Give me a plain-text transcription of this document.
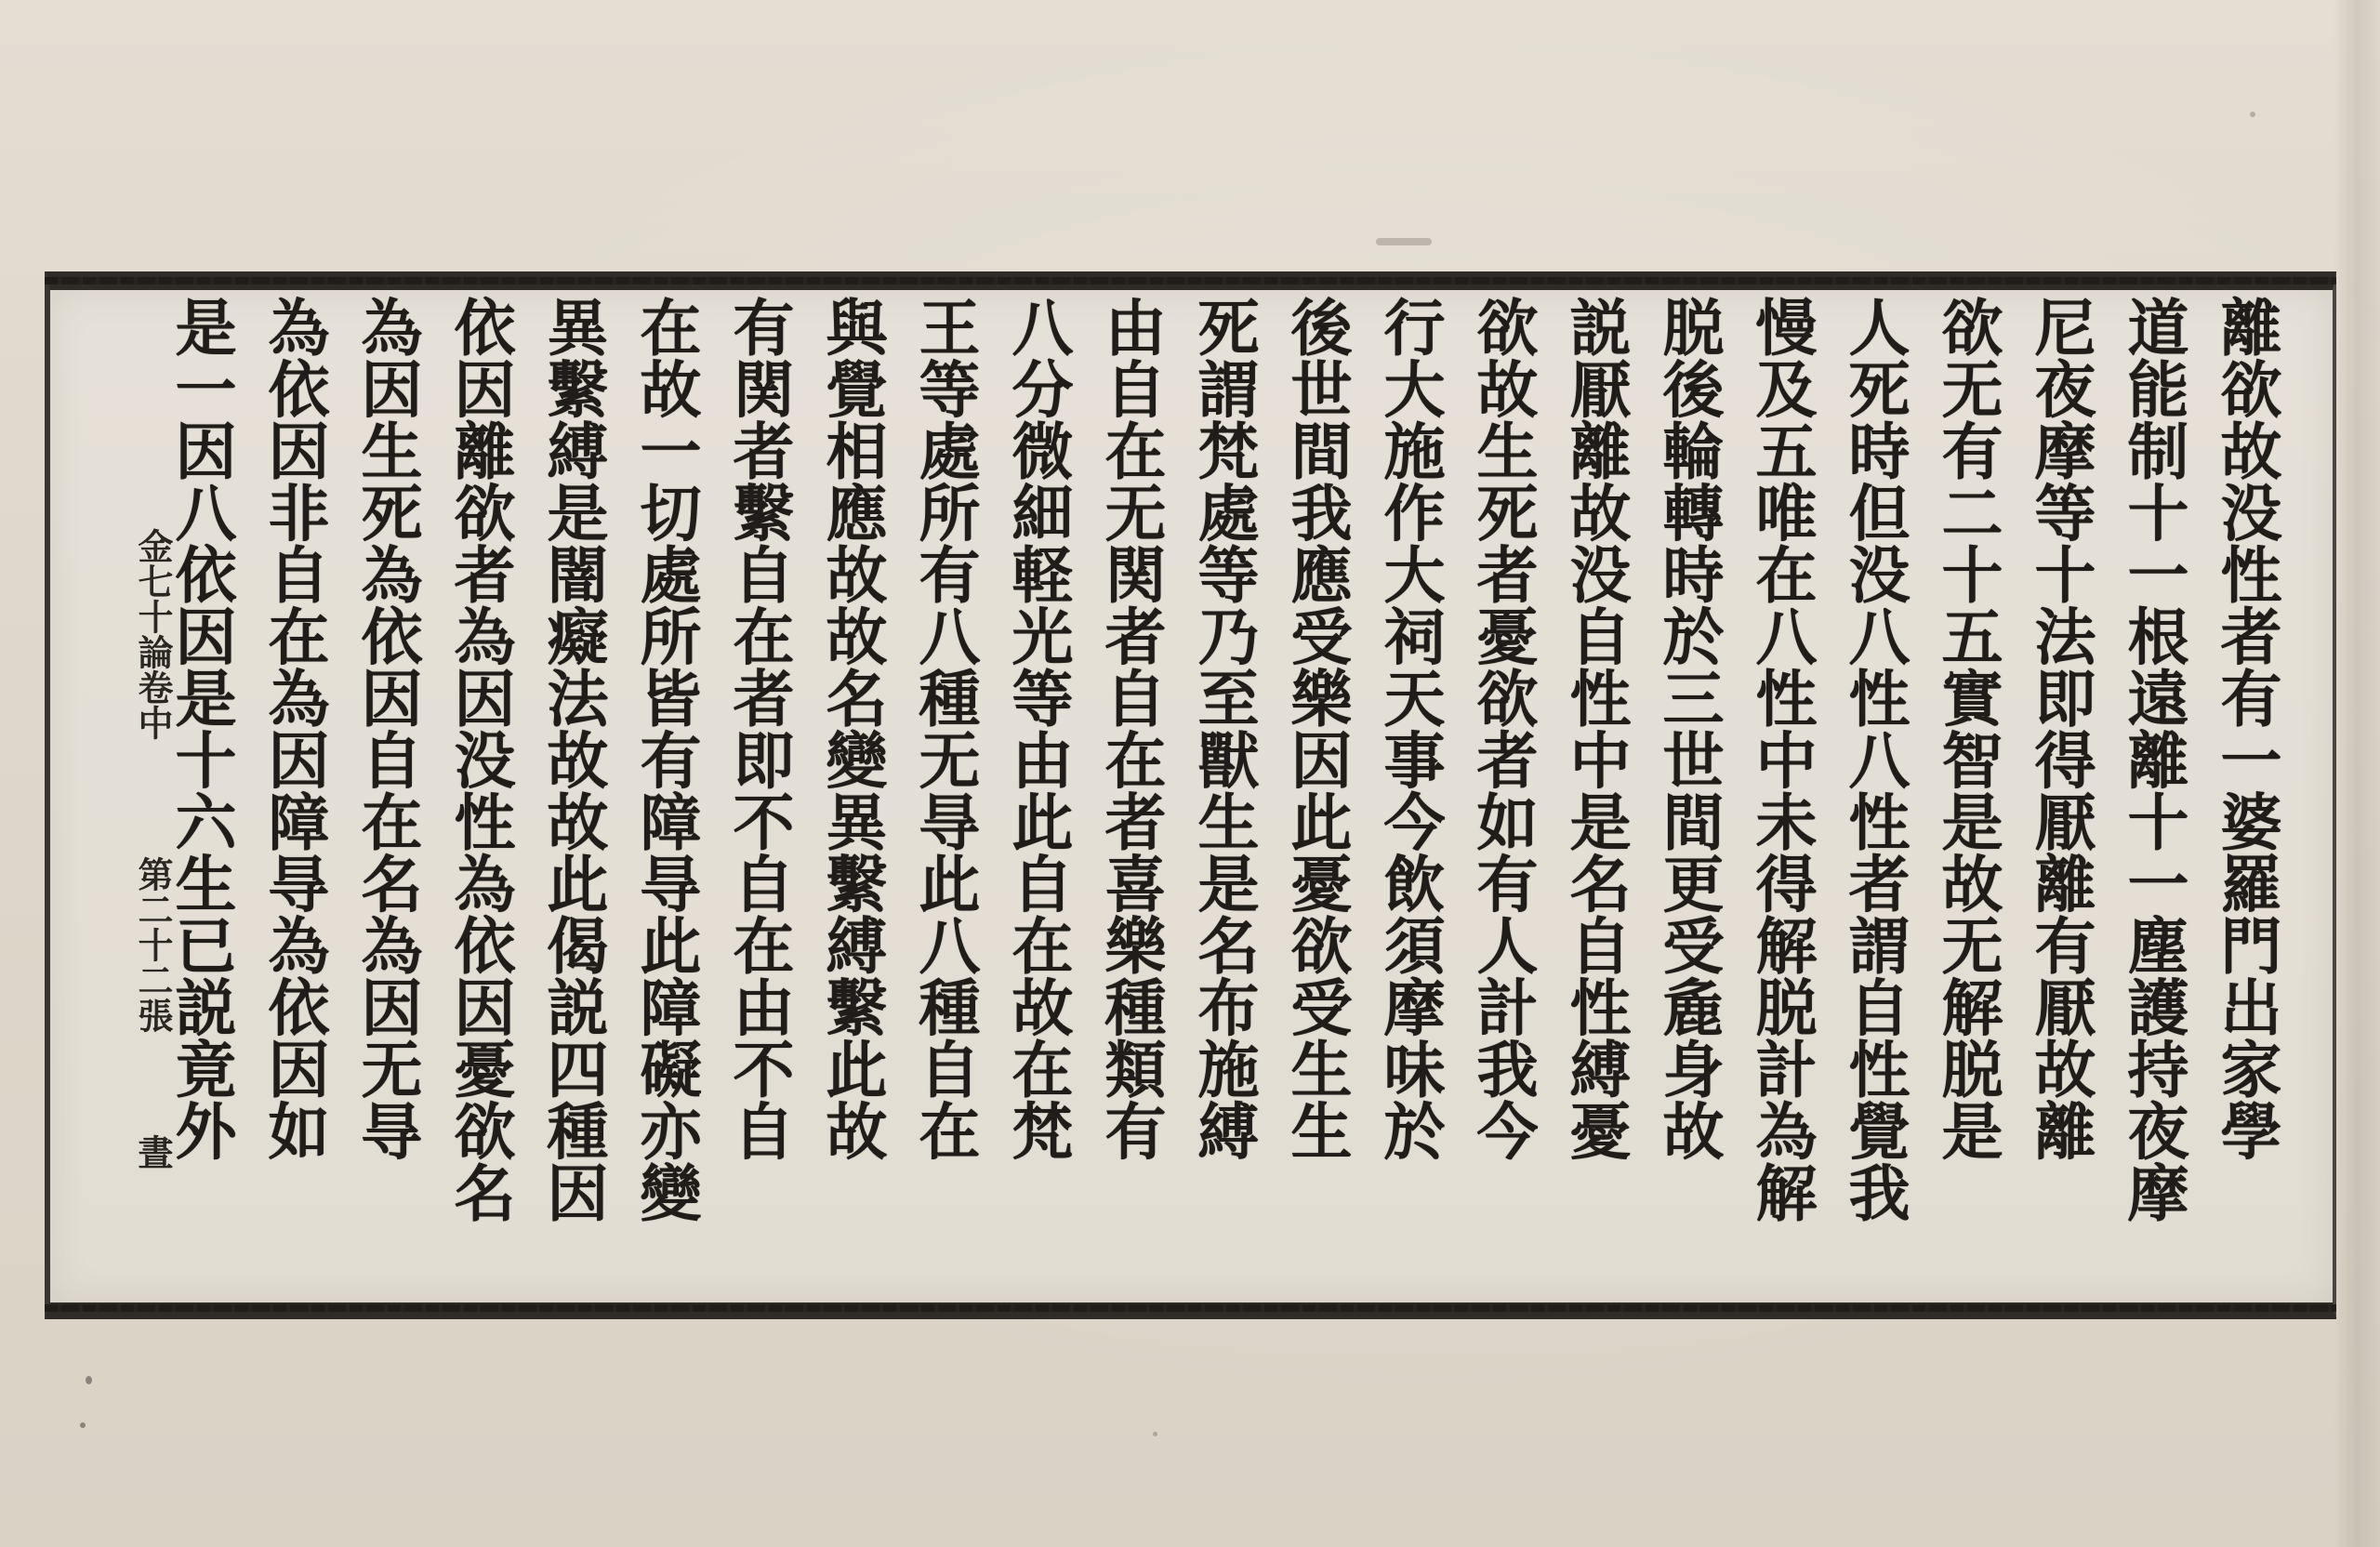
離欲故没性者有一婆羅門出家學
道能制十一根遠離十一塵護持夜摩
尼夜摩等十法即得厭離有厭故離
欲无有二十五實智是故无解脱是
人死時但没八性八性者謂自性覺我
慢及五唯在八性中未得解脱計為解
脱後輪轉時於三世間更受麁身故
説厭離故没自性中是名自性縛憂
欲故生死者憂欲者如有人計我今
行大施作大祠天事今飲須摩味於
後世間我應受樂因此憂欲受生生
死謂梵處等乃至獸生是名布施縛
由自在无関者自在者喜樂種類有
八分微細軽光等由此自在故在梵
王等處所有八種无㝵此八種自在
與覺相應故故名變異繫縛繫此故
有関者繫自在者即不自在由不自
在故一切處所皆有障㝵此障礙亦變
異繫縛是闇癡法故故此偈説四種因
依因離欲者為因没性為依因憂欲名
為因生死為依因自在名為因无㝵
為依因非自在為因障㝵為依因如
是一因八依因是十六生已説竟外
金七十論卷中 第二十二張 晝
